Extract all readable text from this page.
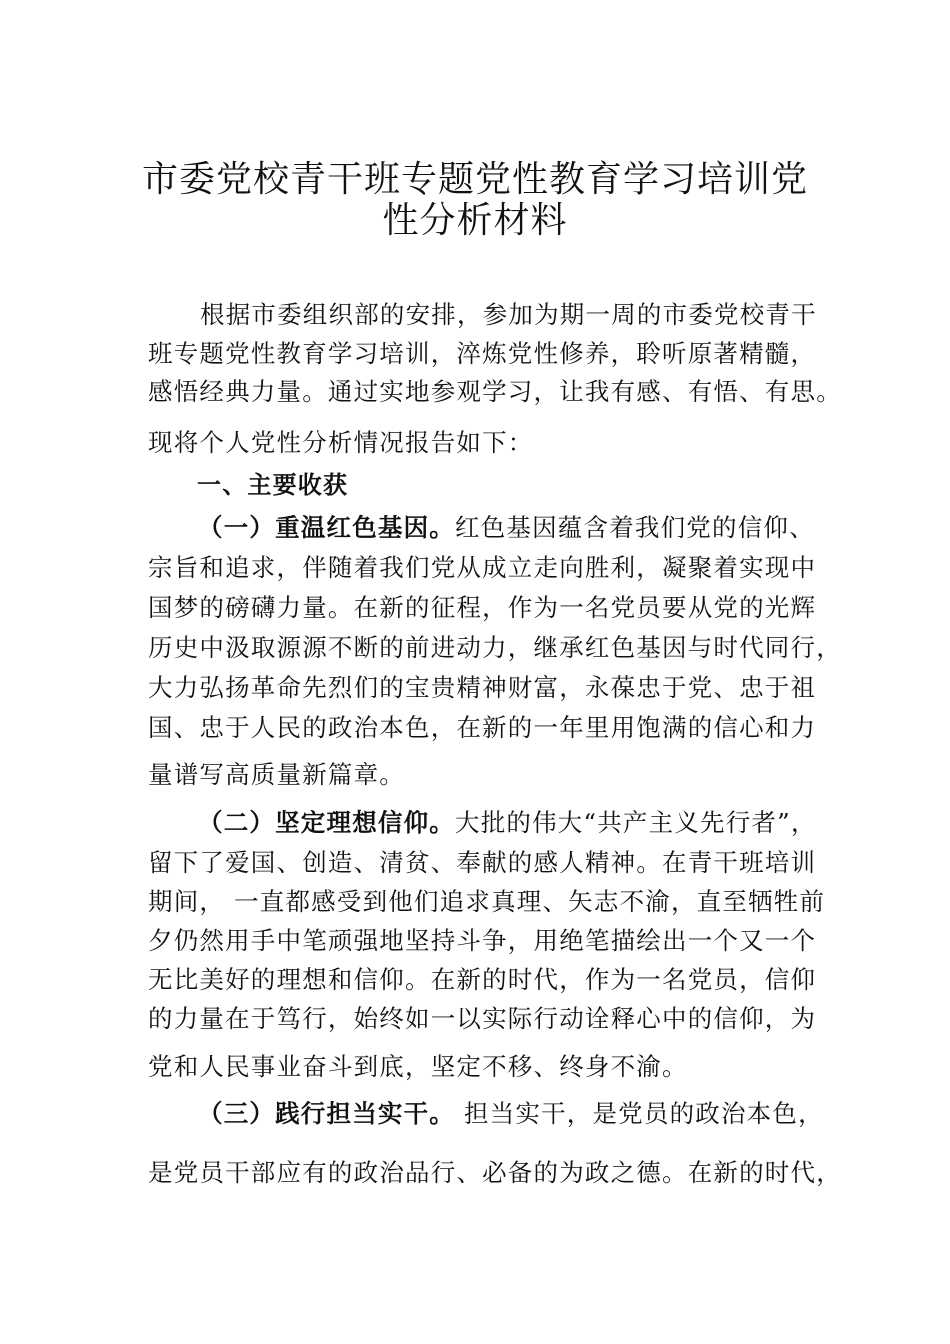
市委党校青干班专题党性教育学习培训党
性分析材料
根据市委组织部的安排，参加为期一周的市委党校青干
班专题党性教育学习培训，淬炼党性修养，聆听原著精髓，
感悟经典力量。通过实地参观学习，让我有感、有悟、有思。
现将个人党性分析情况报告如下：
一、主要收获
（一）重温红色基因。红色基因蕴含着我们党的信仰、
宗旨和追求，伴随着我们党从成立走向胜利，凝聚着实现中
国梦的磅礴力量。在新的征程，作为一名党员要从党的光辉
历史中汲取源源不断的前进动力，继承红色基因与时代同行，
大力弘扬革命先烈们的宝贵精神财富，永葆忠于党、忠于祖
国、忠于人民的政治本色，在新的一年里用饱满的信心和力
量谱写高质量新篇章。
（二）坚定理想信仰。大批的伟大“共产主义先行者”，
留下了爱国、创造、清贫、奉献的感人精神。在青干班培训
期间， 一直都感受到他们追求真理、矢志不渝，直至牺牲前
夕仍然用手中笔顽强地坚持斗争，用绝笔描绘出一个又一个
无比美好的理想和信仰。在新的时代，作为一名党员，信仰
的力量在于笃行，始终如一以实际行动诠释心中的信仰，为
党和人民事业奋斗到底，坚定不移、终身不渝。
（三）践行担当实干。 担当实干，是党员的政治本色，
是党员干部应有的政治品行、必备的为政之德。在新的时代，
